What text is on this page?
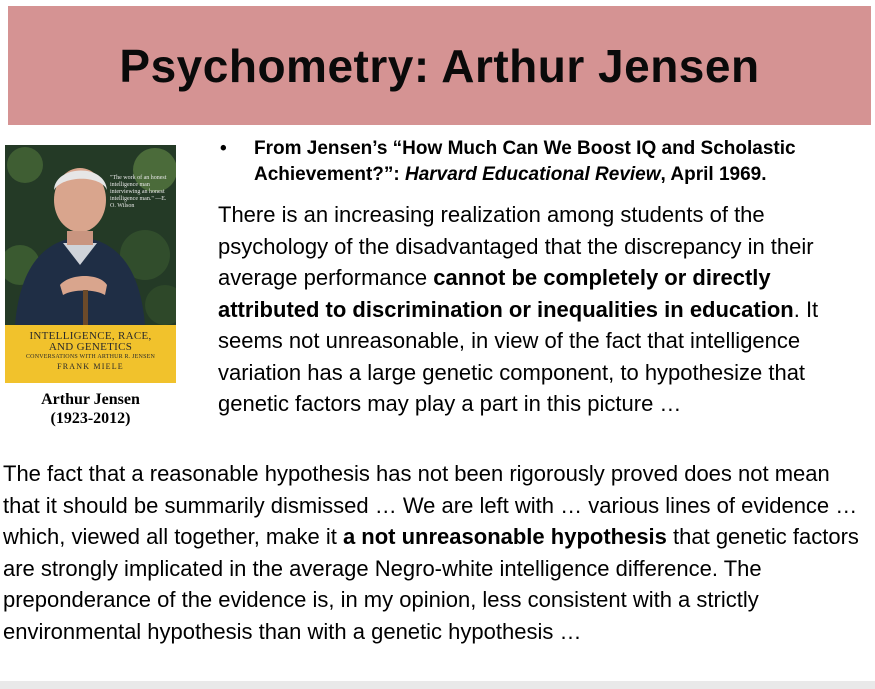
Psychometry: Arthur Jensen
"The work of an honest intelligence man interviewing an honest intelligence man." —E. O. Wilson
INTELLIGENCE, RACE,
AND GENETICS
CONVERSATIONS WITH ARTHUR R. JENSEN
FRANK MIELE
Arthur Jensen
(1923-2012)
• From Jensen’s “How Much Can We Boost IQ and Scholastic Achievement?”: Harvard Educational Review, April 1969.
There is an increasing realization among students of the psychology of the disadvantaged that the discrepancy in their average performance cannot be completely or directly attributed to discrimination or inequalities in education. It seems not unreasonable, in view of the fact that intelligence variation has a large genetic component, to hypothesize that genetic factors may play a part in this picture …
The fact that a reasonable hypothesis has not been rigorously proved does not mean that it should be summarily dismissed … We are left with … various lines of evidence … which, viewed all together, make it a not unreasonable hypothesis that genetic factors are strongly implicated in the average Negro-white intelligence difference. The preponderance of the evidence is, in my opinion, less consistent with a strictly environmental hypothesis than with a genetic hypothesis …
